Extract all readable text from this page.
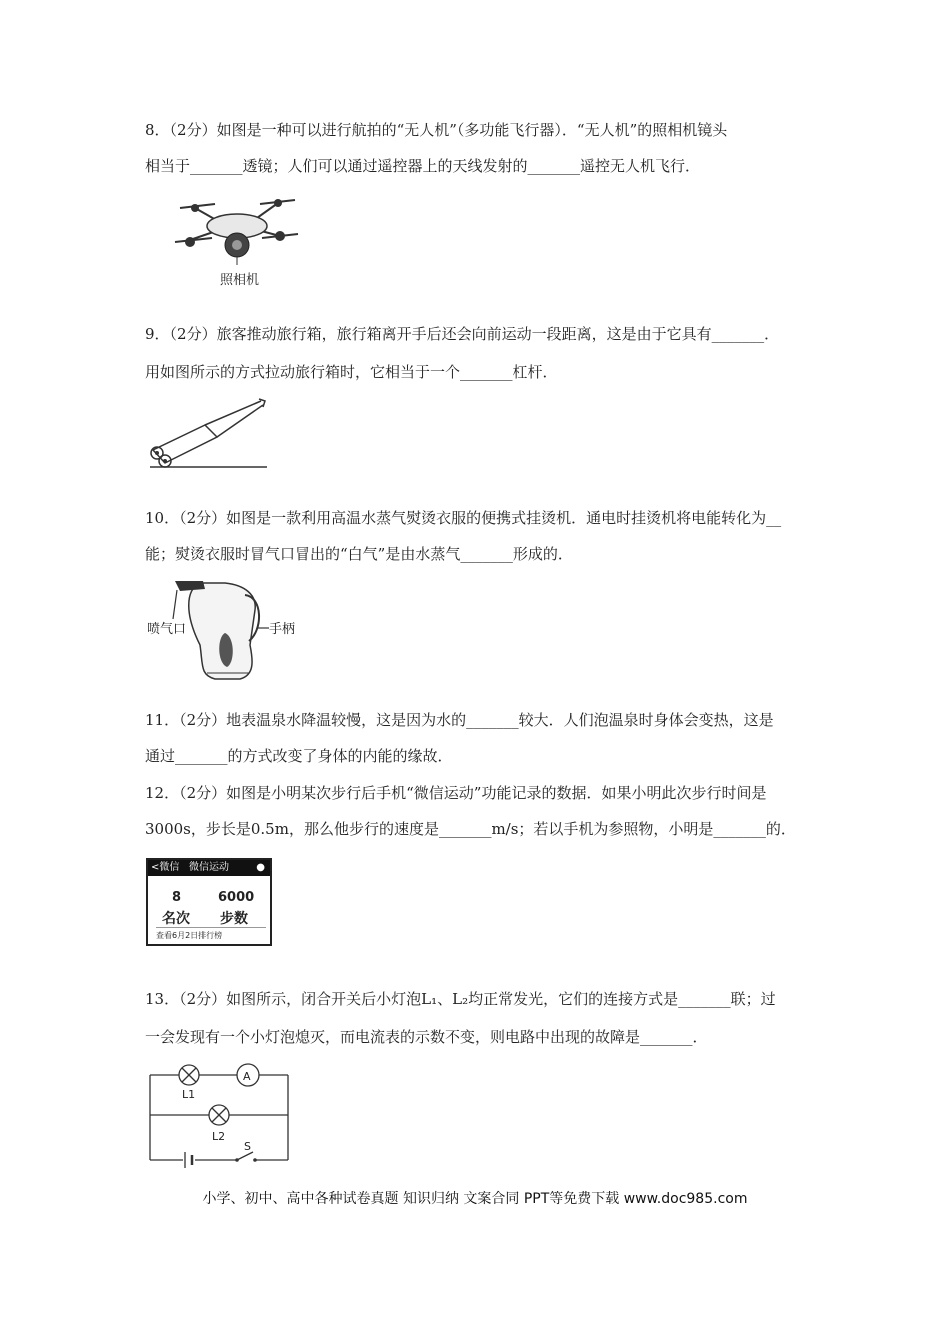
8．（2分）如图是一种可以进行航拍的“无人机”（多功能飞行器）．“无人机”的照相机镜头
相当于_______透镜；人们可以通过遥控器上的天线发射的_______遥控无人机飞行．
照相机
9．（2分）旅客推动旅行箱，旅行箱离开手后还会向前运动一段距离，这是由于它具有_______．
用如图所示的方式拉动旅行箱时，它相当于一个_______杠杆．
10．（2分）如图是一款利用高温水蒸气熨烫衣服的便携式挂烫机．通电时挂烫机将电能转化为__
能；熨烫衣服时冒气口冒出的“白气”是由水蒸气_______形成的．
喷气口	手柄
11．（2分）地表温泉水降温较慢，这是因为水的_______较大．人们泡温泉时身体会变热，这是
通过_______的方式改变了身体的内能的缘故．
12．（2分）如图是小明某次步行后手机“微信运动”功能记录的数据．如果小明此次步行时间是
3000s，步长是0.5m，那么他步行的速度是_______m/s；若以手机为参照物，小明是_______的．
<微信 微信运动	●
8	6000
名次 步数
查看6月2日排行榜
13．（2分）如图所示，闭合开关后小灯泡L₁、L₂均正常发光，它们的连接方式是_______联；过
一会发现有一个小灯泡熄灭，而电流表的示数不变，则电路中出现的故障是_______．
A
L1
L2
S
小学、初中、高中各种试卷真题 知识归纳 文案合同 PPT等免费下载 www.doc985.com
